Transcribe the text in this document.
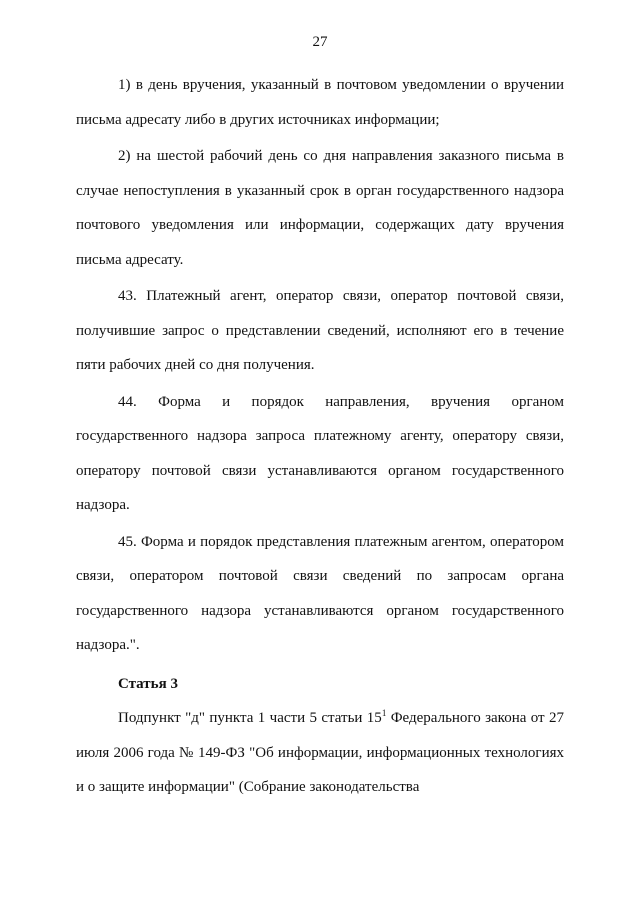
27

1) в день вручения, указанный в почтовом уведомлении о вручении письма адресату либо в других источниках информации;

2) на шестой рабочий день со дня направления заказного письма в случае непоступления в указанный срок в орган государственного надзора почтового уведомления или информации, содержащих дату вручения письма адресату.

43. Платежный агент, оператор связи, оператор почтовой связи, получившие запрос о представлении сведений, исполняют его в течение пяти рабочих дней со дня получения.

44. Форма и порядок направления, вручения органом государственного надзора запроса платежному агенту, оператору связи, оператору почтовой связи устанавливаются органом государственного надзора.

45. Форма и порядок представления платежным агентом, оператором связи, оператором почтовой связи сведений по запросам органа государственного надзора устанавливаются органом государственного надзора.".

Статья 3

Подпункт "д" пункта 1 части 5 статьи $15^1$ Федерального закона от 27 июля 2006 года № 149-ФЗ "Об информации, информационных технологиях и о защите информации" (Собрание законодательства
